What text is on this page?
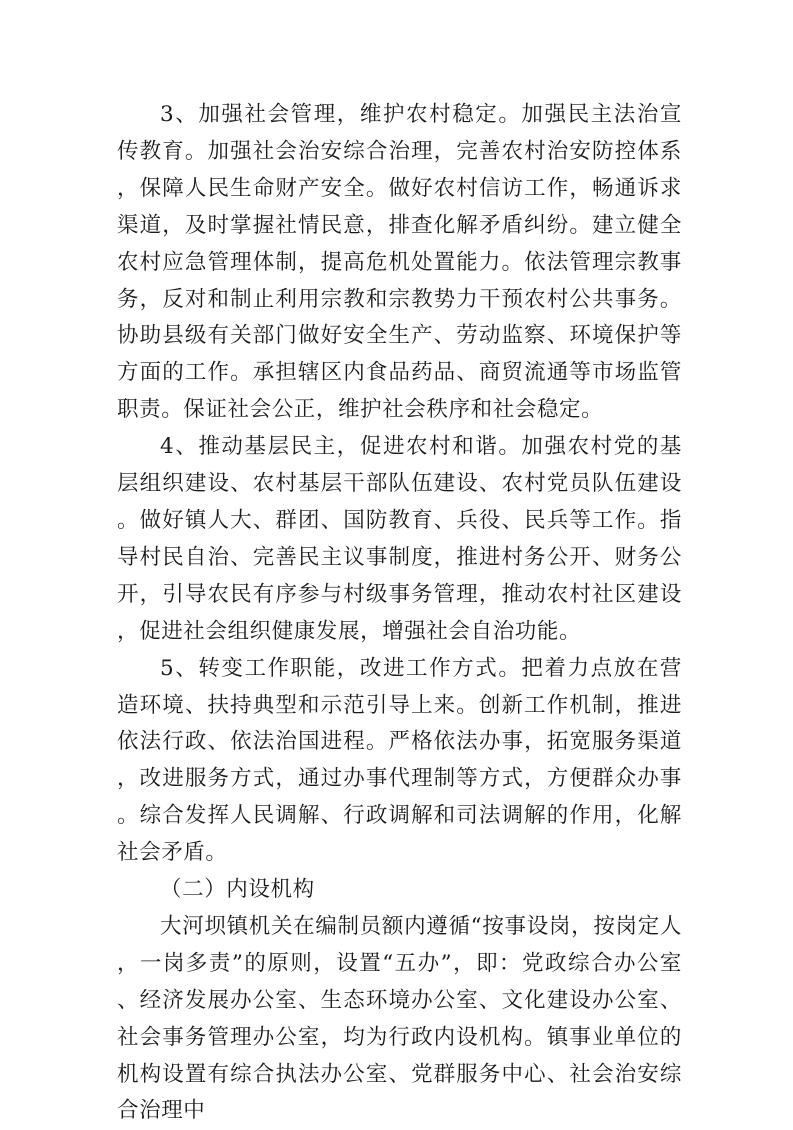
3、加强社会管理，维护农村稳定。加强民主法治宣传教育。加强社会治安综合治理，完善农村治安防控体系，保障人民生命财产安全。做好农村信访工作，畅通诉求渠道，及时掌握社情民意，排查化解矛盾纠纷。建立健全农村应急管理体制，提高危机处置能力。依法管理宗教事务，反对和制止利用宗教和宗教势力干预农村公共事务。协助县级有关部门做好安全生产、劳动监察、环境保护等方面的工作。承担辖区内食品药品、商贸流通等市场监管职责。保证社会公正，维护社会秩序和社会稳定。

4、推动基层民主，促进农村和谐。加强农村党的基层组织建设、农村基层干部队伍建设、农村党员队伍建设。做好镇人大、群团、国防教育、兵役、民兵等工作。指导村民自治、完善民主议事制度，推进村务公开、财务公开，引导农民有序参与村级事务管理，推动农村社区建设，促进社会组织健康发展，增强社会自治功能。

5、转变工作职能，改进工作方式。把着力点放在营造环境、扶持典型和示范引导上来。创新工作机制，推进依法行政、依法治国进程。严格依法办事，拓宽服务渠道，改进服务方式，通过办事代理制等方式，方便群众办事。综合发挥人民调解、行政调解和司法调解的作用，化解社会矛盾。

（二）内设机构

大河坝镇机关在编制员额内遵循“按事设岗，按岗定人，一岗多责”的原则，设置“五办”，即：党政综合办公室、经济发展办公室、生态环境办公室、文化建设办公室、社会事务管理办公室，均为行政内设机构。镇事业单位的机构设置有综合执法办公室、党群服务中心、社会治安综合治理中
